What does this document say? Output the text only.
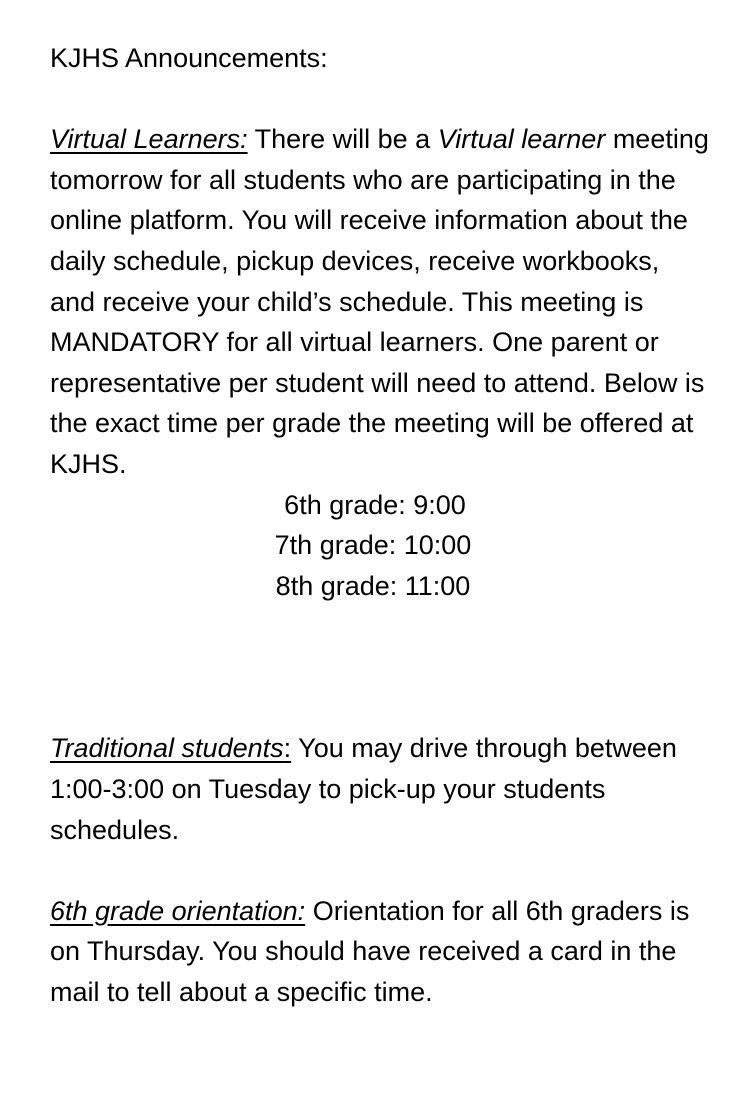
KJHS Announcements:

Virtual Learners: There will be a Virtual learner meeting tomorrow for all students who are participating in the online platform. You will receive information about the daily schedule, pickup devices, receive workbooks, and receive your child’s schedule. This meeting is MANDATORY for all virtual learners. One parent or representative per student will need to attend. Below is the exact time per grade the meeting will be offered at KJHS.

6th grade: 9:00
7th grade: 10:00
8th grade: 11:00

Traditional students: You may drive through between 1:00-3:00 on Tuesday to pick-up your students schedules.

6th grade orientation: Orientation for all 6th graders is on Thursday. You should have received a card in the mail to tell about a specific time.
